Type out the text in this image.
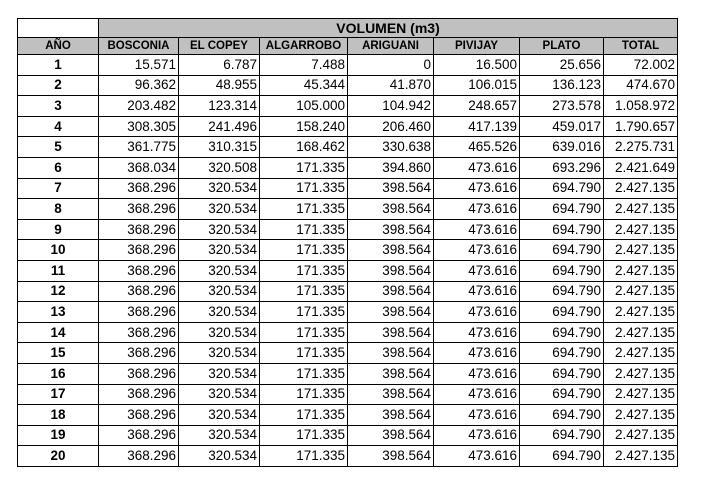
	VOLUMEN (m3)						
AÑO	BOSCONIA	EL COPEY	ALGARROBO	ARIGUANI	PIVIJAY	PLATO	TOTAL
1	15.571	6.787	7.488	0	16.500	25.656	72.002
2	96.362	48.955	45.344	41.870	106.015	136.123	474.670
3	203.482	123.314	105.000	104.942	248.657	273.578	1.058.972
4	308.305	241.496	158.240	206.460	417.139	459.017	1.790.657
5	361.775	310.315	168.462	330.638	465.526	639.016	2.275.731
6	368.034	320.508	171.335	394.860	473.616	693.296	2.421.649
7	368.296	320.534	171.335	398.564	473.616	694.790	2.427.135
8	368.296	320.534	171.335	398.564	473.616	694.790	2.427.135
9	368.296	320.534	171.335	398.564	473.616	694.790	2.427.135
10	368.296	320.534	171.335	398.564	473.616	694.790	2.427.135
11	368.296	320.534	171.335	398.564	473.616	694.790	2.427.135
12	368.296	320.534	171.335	398.564	473.616	694.790	2.427.135
13	368.296	320.534	171.335	398.564	473.616	694.790	2.427.135
14	368.296	320.534	171.335	398.564	473.616	694.790	2.427.135
15	368.296	320.534	171.335	398.564	473.616	694.790	2.427.135
16	368.296	320.534	171.335	398.564	473.616	694.790	2.427.135
17	368.296	320.534	171.335	398.564	473.616	694.790	2.427.135
18	368.296	320.534	171.335	398.564	473.616	694.790	2.427.135
19	368.296	320.534	171.335	398.564	473.616	694.790	2.427.135
20	368.296	320.534	171.335	398.564	473.616	694.790	2.427.135
